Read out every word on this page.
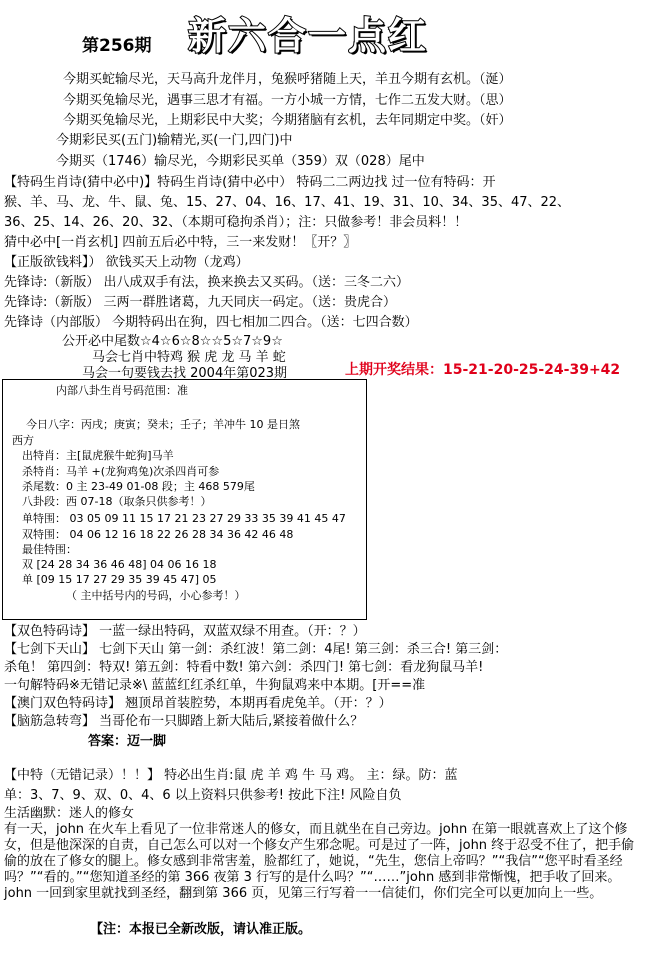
第256期 新六合一点红
今期买蛇输尽光，天马高升龙伴月，兔猴呼猪随上天，羊丑今期有玄机。（涎）
今期买兔输尽光，遇事三思才有福。一方小城一方情，七作二五发大财。（思）
今期买兔输尽光，上期彩民中大奖；今期猪脑有玄机，去年同期定中奖。（奸）
今期彩民买(五门)输精光,买(一门,四门)中
今期买（1746）输尽光，今期彩民买单（359）双（028）尾中
【特码生肖诗(猜中必中)】特码生肖诗(猜中必中） 特码二二两边找 过一位有特码：开
猴、羊、马、龙、牛、鼠、兔、15、27、04、16、17、41、19、31、10、34、35、47、22、
36、25、14、26、20、32、（本期可稳拘杀肖）；注：只做参考！非会员料！！
猜中必中[一肖玄机] 四前五后必中特，三一来发财！〖开？〗
【正版欲钱料】） 欲钱买天上动物（龙鸡）
先锋诗:（新版） 出八成双手有法，换来换去又买码。（送：三冬二六）
先锋诗:（新版） 三两一群胜诸葛，九天同庆一码定。（送：贵虎合）
先锋诗（内部版） 今期特码出在狗，四七相加二四合。（送：七四合数）
公开必中尾数☆4☆6☆8☆☆5☆7☆9☆
马会七肖中特鸡 猴 虎 龙 马 羊 蛇
马会一句要钱去找 2004年第023期	上期开奖结果：15-21-20-25-24-39+42
内部八卦生肖号码范围：准
今日八字：丙戌；庚寅；癸未；壬子；羊冲牛 10 是日煞
西方
出特肖：主[鼠虎猴牛蛇狗]马羊
杀特肖：马羊 +(龙狗鸡兔)次杀四肖可参
杀尾数：0 主 23-49 01-08 段；主 468 579尾
八卦段：西 07-18（取条只供参考！）
单特围： 03 05 09 11 15 17 21 23 27 29 33 35 39 41 45 47
双特围： 04 06 12 16 18 22 26 28 34 36 42 46 48
最佳特围：
双 [24 28 34 36 46 48] 04 06 16 18
单 [09 15 17 27 29 35 39 45 47] 05
（ 主中括号内的号码，小心参考！）
【双色特码诗】 一蓝一绿出特码，双蓝双绿不用查。（开：？）
【七剑下天山】 七剑下天山 第一剑：杀红波！第二剑：4尾! 第三剑：杀三合! 第三剑：
杀龟！ 第四剑：特双! 第五剑：特看中数! 第六剑：杀四门! 第七剑：看龙狗鼠马羊!
一句解特码※无错记录※\ 蓝蓝红红杀红单，牛狗鼠鸡来中本期。[开==准
【澳门双色特码诗】 翘顶昂首装腔势，本期再看虎兔羊。（开：？）
【脑筋急转弯】 当哥伦布一只脚踏上新大陆后,紧接着做什么？
答案：迈一脚
【中特（无错记录）！！】 特必出生肖:鼠 虎 羊 鸡 牛 马 鸡。 主：绿。防：蓝
单：3、7、9、双、0、4、6 以上资料只供参考! 按此下注! 风险自负
生活幽默：迷人的修女
有一天，john 在火车上看见了一位非常迷人的修女，而且就坐在自己旁边。john 在第一眼就喜欢上了这个修女，但是他深深的自责，自己怎么可以对一个修女产生邪念呢。可是过了一阵，john 终于忍受不住了，把手偷偷的放在了修女的腿上。修女感到非常害羞，脸都红了，她说，“先生，您信上帝吗？”“我信”“您平时看圣经吗？”“看的。”“您知道圣经的第 366 夜第 3 行写的是什么吗？”“……”john 感到非常惭愧，把手收了回来。john 一回到家里就找到圣经，翻到第 366 页，见第三行写着一一信徒们，你们完全可以更加向上一些。
【注：本报已全新改版，请认准正版。
